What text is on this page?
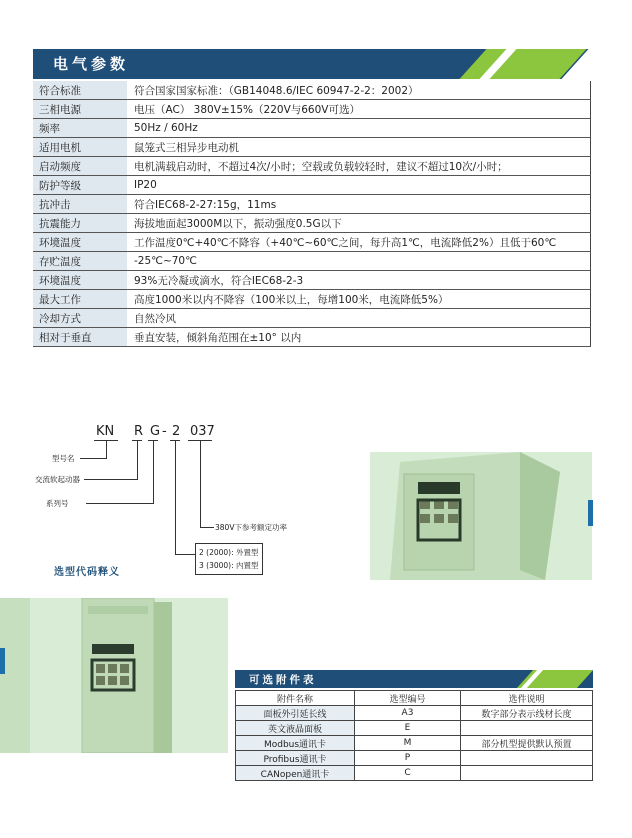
电气参数
符合标准	符合国家国家标准：（GB14048.6/IEC 60947-2-2：2002）
三相电源	电压（AC） 380V±15%（220V与660V可选）
频率	50Hz / 60Hz
适用电机	鼠笼式三相异步电动机
启动频度	电机满载启动时，不超过4次/小时；空载或负载较轻时，建议不超过10次/小时；
防护等级	IP20
抗冲击	符合IEC68-2-27:15g，11ms
抗震能力	海拔地面起3000M以下，振动强度0.5G以下
环境温度	工作温度0℃+40℃不降容（+40℃~60℃之间，每升高1℃，电流降低2%）且低于60℃
存贮温度	-25℃~70℃
环境温度	93%无冷凝或滴水，符合IEC68-2-3
最大工作	高度1000米以内不降容（100米以上，每增100米，电流降低5%）
冷却方式	自然冷风
相对于垂直	垂直安装，倾斜角范围在±10° 以内
KN R G - 2 037
型号名
交流软起动器
系列号
2 (2000): 外置型
3 (3000): 内置型
380V下参考额定功率
选型代码释义
可选附件表
附件名称	选型编号	选件说明
面板外引延长线	A3	数字部分表示线材长度
英文液晶面板	E	
Modbus通讯卡	M	部分机型提供默认预置
Profibus通讯卡	P	
CANopen通讯卡	C	
